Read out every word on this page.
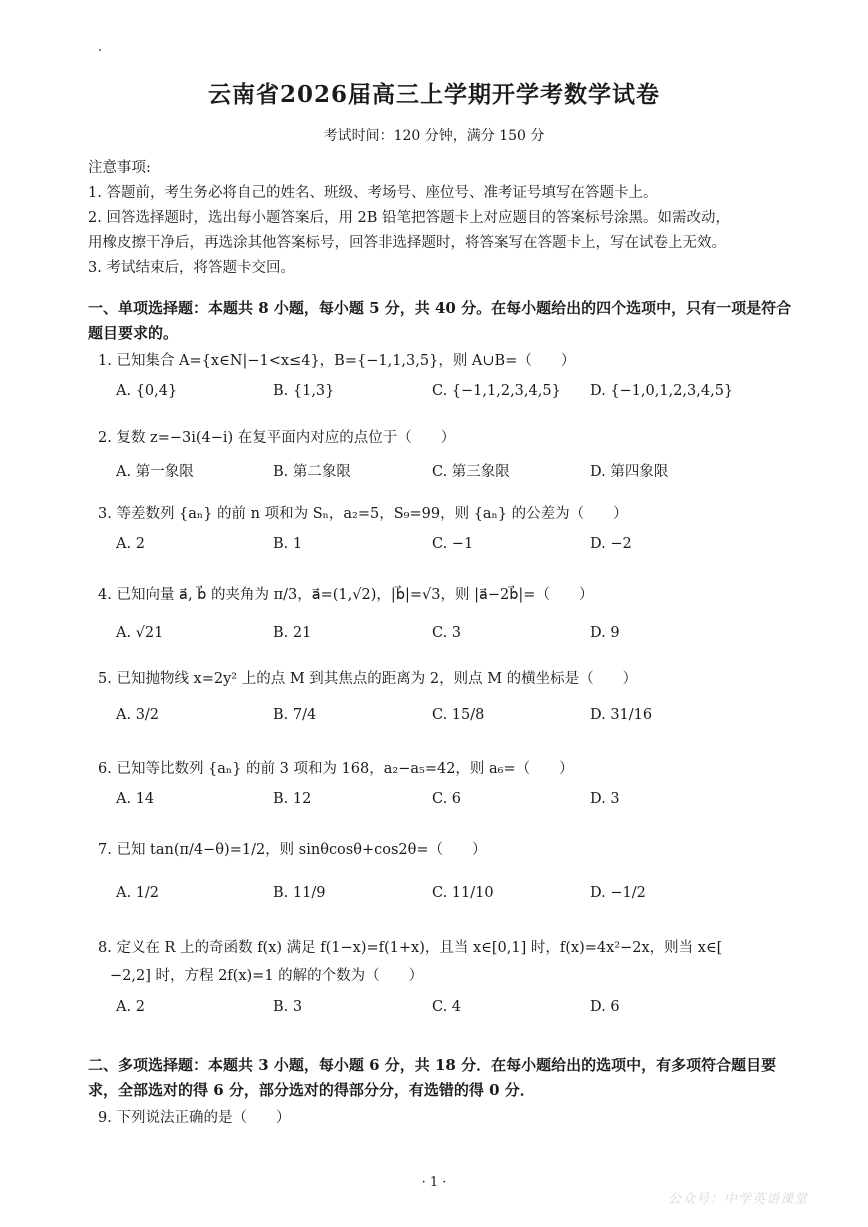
云南省2026届高三上学期开学考数学试卷
考试时间：120 分钟，满分 150 分
注意事项:
1. 答题前，考生务必将自己的姓名、班级、考场号、座位号、准考证号填写在答题卡上。
2. 回答选择题时，选出每小题答案后，用 2B 铅笔把答题卡上对应题目的答案标号涂黑。如需改动，
用橡皮擦干净后，再选涂其他答案标号，回答非选择题时，将答案写在答题卡上，写在试卷上无效。
3. 考试结束后，将答题卡交回。
一、单项选择题：本题共 8 小题，每小题 5 分，共 40 分。在每小题给出的四个选项中，只有一项是符合
题目要求的。
1. 已知集合 A={x∈N|−1<x≤4}，B={−1,1,3,5}，则 A∪B=（　　）
A. {0,4}	B. {1,3}	C. {−1,1,2,3,4,5} D. {−1,0,1,2,3,4,5}
2. 复数 z=−3i(4−i) 在复平面内对应的点位于（　　）
A. 第一象限	B. 第二象限	C. 第三象限	D. 第四象限
3. 等差数列 {aₙ} 的前 n 项和为 Sₙ，a₂=5，S₉=99，则 {aₙ} 的公差为（　　）
A. 2	B. 1	C. −1	D. −2
4. 已知向量 a⃗, b⃗ 的夹角为 π/3，a⃗=(1,√2)，|b⃗|=√3，则 |a⃗−2b⃗|=（　　）
A. √21	B. 21	C. 3	D. 9
5. 已知抛物线 x=2y² 上的点 M 到其焦点的距离为 2，则点 M 的横坐标是（　　）
A. 3/2	B. 7/4	C. 15/8	D. 31/16
6. 已知等比数列 {aₙ} 的前 3 项和为 168，a₂−a₅=42，则 a₆=（　　）
A. 14	B. 12	C. 6	D. 3
7. 已知 tan(π/4−θ)=1/2，则 sinθcosθ+cos2θ=（　　）
A. 1/2	B. 11/9	C. 11/10	D. −1/2
8. 定义在 R 上的奇函数 f(x) 满足 f(1−x)=f(1+x)，且当 x∈[0,1] 时，f(x)=4x²−2x，则当 x∈[
−2,2] 时，方程 2f(x)=1 的解的个数为（　　）
A. 2	B. 3	C. 4	D. 6
二、多项选择题：本题共 3 小题，每小题 6 分，共 18 分．在每小题给出的选项中，有多项符合题目要
求，全部选对的得 6 分，部分选对的得部分分，有选错的得 0 分．
9. 下列说法正确的是（　　）
· 1 ·
公众号：中学英语课堂
